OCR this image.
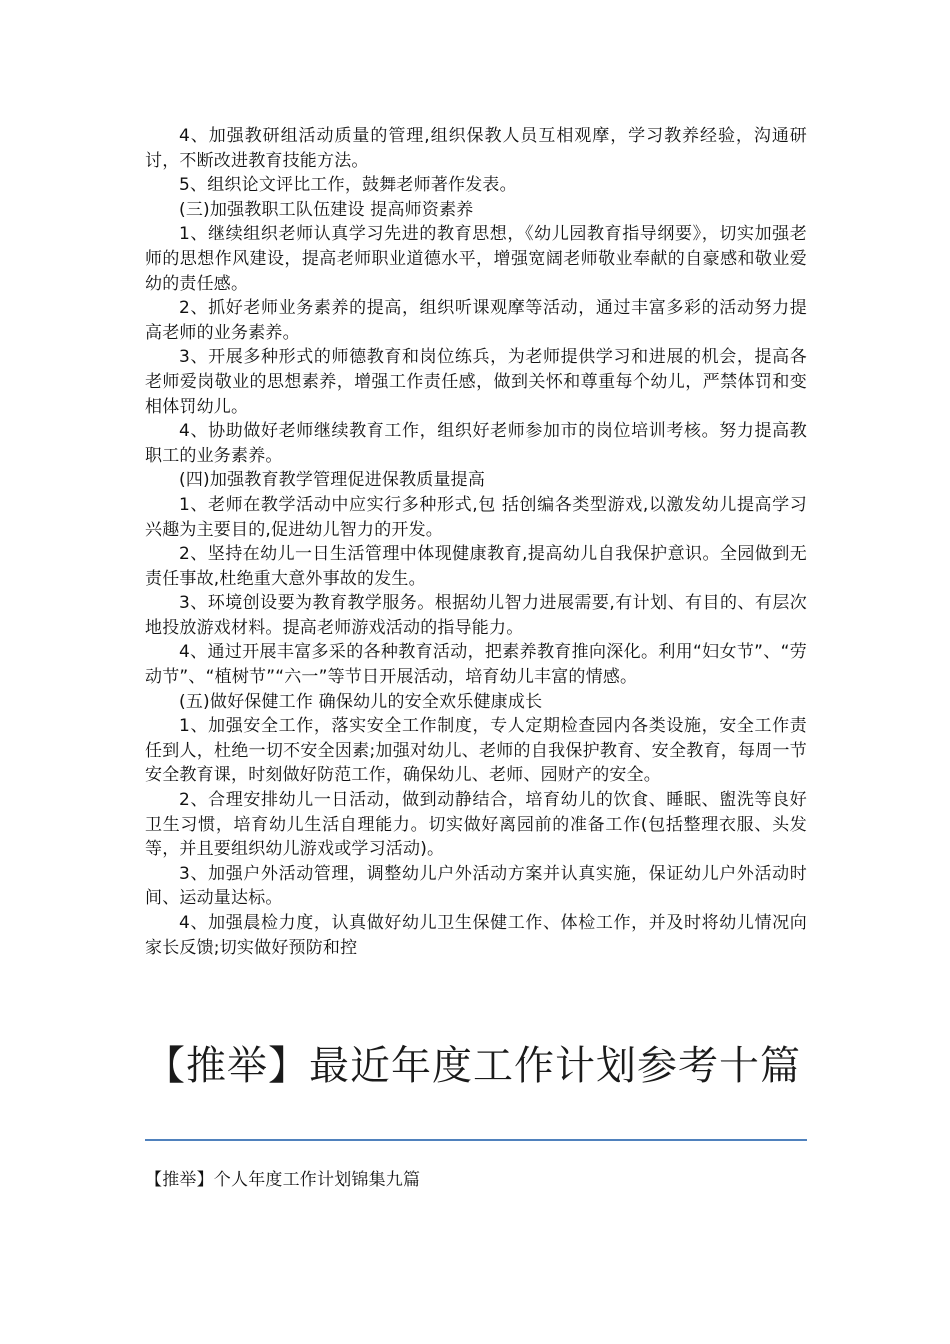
4、加强教研组活动质量的管理,组织保教人员互相观摩，学习教养经验，沟通研讨，不断改进教育技能方法。

5、组织论文评比工作，鼓舞老师著作发表。

(三)加强教职工队伍建设 提高师资素养

1、继续组织老师认真学习先进的教育思想，《幼儿园教育指导纲要》，切实加强老师的思想作风建设，提高老师职业道德水平，增强宽阔老师敬业奉献的自豪感和敬业爱幼的责任感。

2、抓好老师业务素养的提高，组织听课观摩等活动，通过丰富多彩的活动努力提高老师的业务素养。

3、开展多种形式的师德教育和岗位练兵，为老师提供学习和进展的机会，提高各老师爱岗敬业的思想素养，增强工作责任感，做到关怀和尊重每个幼儿，严禁体罚和变相体罚幼儿。

4、协助做好老师继续教育工作，组织好老师参加市的岗位培训考核。努力提高教职工的业务素养。

(四)加强教育教学管理促进保教质量提高

1、老师在教学活动中应实行多种形式,包 括创编各类型游戏,以激发幼儿提高学习兴趣为主要目的,促进幼儿智力的开发。

2、坚持在幼儿一日生活管理中体现健康教育,提高幼儿自我保护意识。全园做到无责任事故,杜绝重大意外事故的发生。

3、环境创设要为教育教学服务。根据幼儿智力进展需要,有计划、有目的、有层次地投放游戏材料。提高老师游戏活动的指导能力。

4、通过开展丰富多采的各种教育活动，把素养教育推向深化。利用“妇女节”、“劳动节”、“植树节”“六一”等节日开展活动，培育幼儿丰富的情感。

(五)做好保健工作 确保幼儿的安全欢乐健康成长

1、加强安全工作，落实安全工作制度，专人定期检查园内各类设施，安全工作责任到人，杜绝一切不安全因素;加强对幼儿、老师的自我保护教育、安全教育，每周一节安全教育课，时刻做好防范工作，确保幼儿、老师、园财产的安全。

2、合理安排幼儿一日活动，做到动静结合，培育幼儿的饮食、睡眠、盥洗等良好卫生习惯，培育幼儿生活自理能力。切实做好离园前的准备工作(包括整理衣服、头发等，并且要组织幼儿游戏或学习活动)。

3、加强户外活动管理，调整幼儿户外活动方案并认真实施，保证幼儿户外活动时间、运动量达标。

4、加强晨检力度，认真做好幼儿卫生保健工作、体检工作，并及时将幼儿情况向家长反馈;切实做好预防和控

【推举】最近年度工作计划参考十篇

【推举】个人年度工作计划锦集九篇
